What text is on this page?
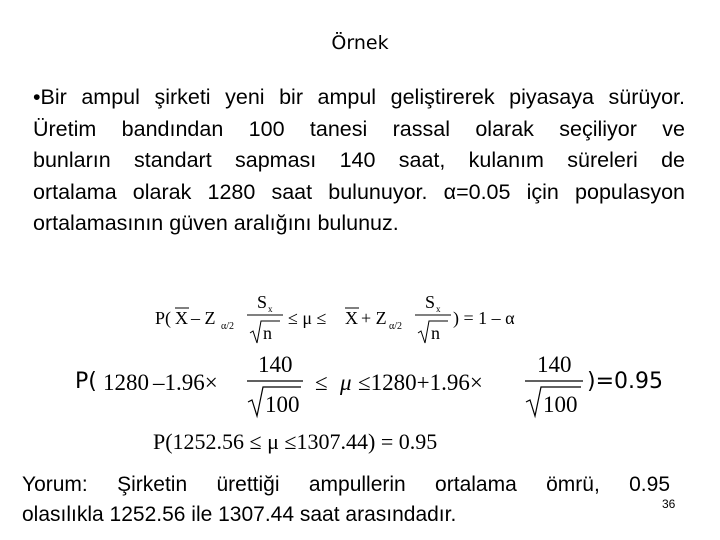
Örnek
•Bir ampul şirketi yeni bir ampul geliştirerek piyasaya sürüyor.
Üretim bandından 100 tanesi rassal olarak seçiliyor ve
bunların standart sapması 140 saat, kulanım süreleri de
ortalama olarak 1280 saat bulunuyor. α=0.05 için populasyon
ortalamasının güven aralığını bulunuz.
P( X – Z α/2
S x
n
≤ μ ≤ X + Z α/2
S x
n
) = 1 – α
P( 1280 –1.96×
140
100
≤ μ ≤1280+1.96×
140
100
)=0.95
P(1252.56 ≤ μ ≤1307.44) = 0.95
Yorum: Şirketin ürettiği ampullerin ortalama ömrü, 0.95
olasılıkla 1252.56 ile 1307.44 saat arasındadır.	36
